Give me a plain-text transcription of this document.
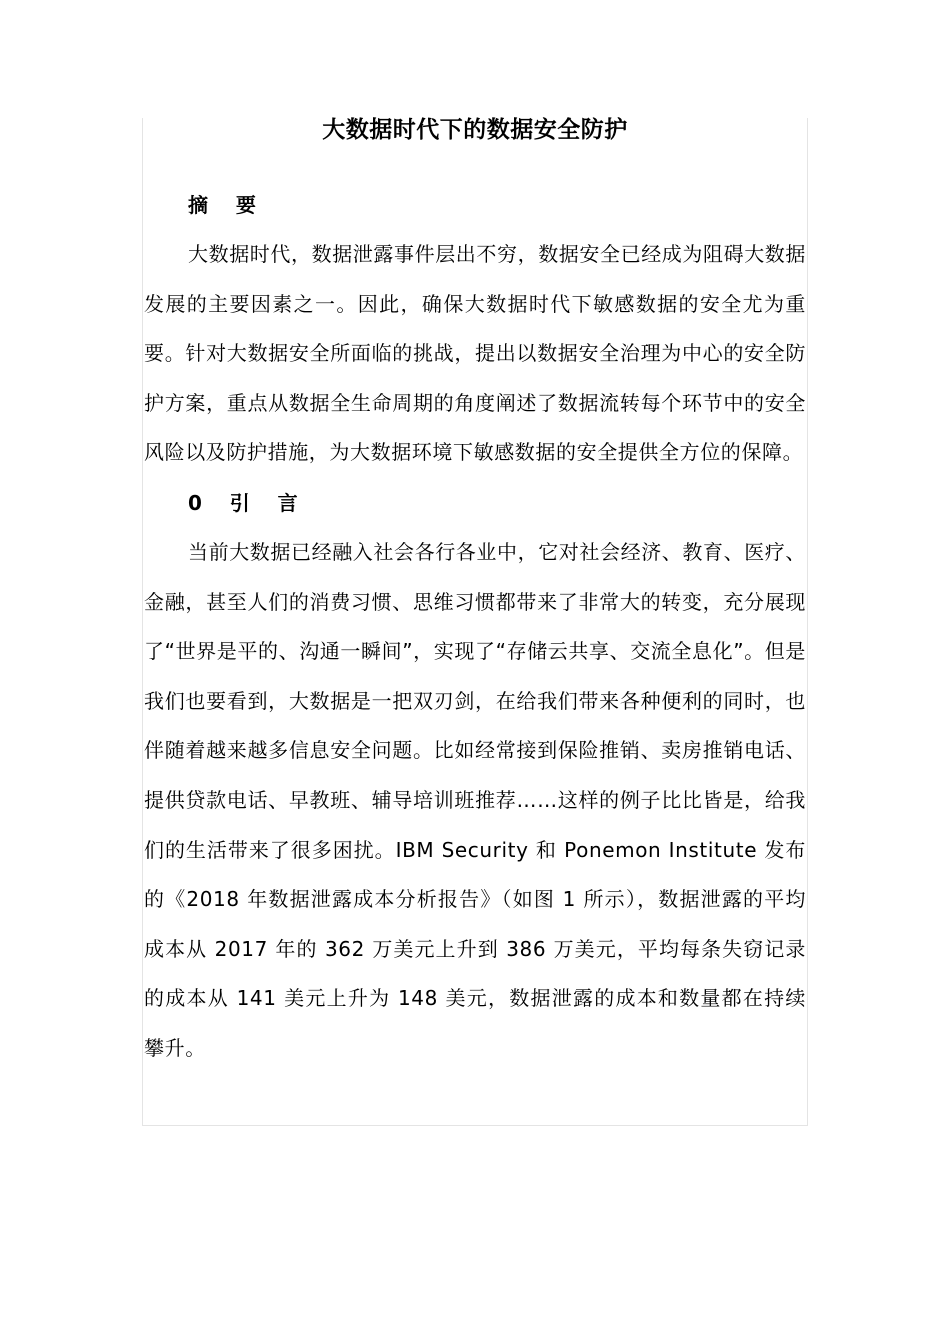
大数据时代下的数据安全防护

摘    要

大数据时代，数据泄露事件层出不穷，数据安全已经成为阻碍大数据发展的主要因素之一。因此，确保大数据时代下敏感数据的安全尤为重要。针对大数据安全所面临的挑战，提出以数据安全治理为中心的安全防护方案，重点从数据全生命周期的角度阐述了数据流转每个环节中的安全风险以及防护措施，为大数据环境下敏感数据的安全提供全方位的保障。

0    引    言

当前大数据已经融入社会各行各业中，它对社会经济、教育、医疗、金融，甚至人们的消费习惯、思维习惯都带来了非常大的转变，充分展现了“世界是平的、沟通一瞬间”，实现了“存储云共享、交流全息化”。但是我们也要看到，大数据是一把双刃剑，在给我们带来各种便利的同时，也伴随着越来越多信息安全问题。比如经常接到保险推销、卖房推销电话、提供贷款电话、早教班、辅导培训班推荐……这样的例子比比皆是，给我们的生活带来了很多困扰。IBM Security 和 Ponemon Institute 发布的《2018 年数据泄露成本分析报告》（如图 1 所示），数据泄露的平均成本从 2017 年的 362 万美元上升到 386 万美元，平均每条失窃记录的成本从 141 美元上升为 148 美元，数据泄露的成本和数量都在持续攀升。
